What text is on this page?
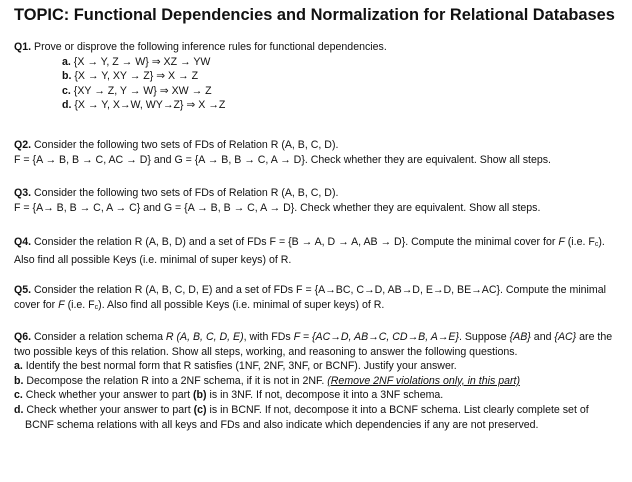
TOPIC: Functional Dependencies and Normalization for Relational Databases

Q1. Prove or disprove the following inference rules for functional dependencies.

a. {X → Y, Z → W} ⇒ XZ → YW
b. {X → Y, XY → Z} ⇒ X → Z
c. {XY → Z, Y → W} ⇒ XW → Z
d. {X → Y, X→W, WY→Z} ⇒ X →Z

Q2. Consider the following two sets of FDs of Relation R (A, B, C, D).

F = {A → B, B → C, AC → D} and G = {A → B, B → C, A → D}. Check whether they are equivalent. Show all steps.

Q3. Consider the following two sets of FDs of Relation R (A, B, C, D).

F = {A→ B, B → C, A → C} and G = {A → B, B → C, A → D}. Check whether they are equivalent. Show all steps.

Q4. Consider the relation R (A, B, D) and a set of FDs F = {B → A, D → A, AB → D}. Compute the minimal cover for F (i.e. Fc). Also find all possible Keys (i.e. minimal of super keys) of R.

Q5. Consider the relation R (A, B, C, D, E) and a set of FDs F = {A→BC, C→D, AB→D, E→D, BE→AC}. Compute the minimal cover for F (i.e. Fc). Also find all possible Keys (i.e. minimal of super keys) of R.

Q6. Consider a relation schema R (A, B, C, D, E), with FDs F = {AC→D, AB→C, CD→B, A→E}. Suppose {AB} and {AC} are the two possible keys of this relation. Show all steps, working, and reasoning to answer the following questions.

a. Identify the best normal form that R satisfies (1NF, 2NF, 3NF, or BCNF). Justify your answer.
b. Decompose the relation R into a 2NF schema, if it is not in 2NF. (Remove 2NF violations only, in this part)
c. Check whether your answer to part (b) is in 3NF. If not, decompose it into a 3NF schema.
d. Check whether your answer to part (c) is in BCNF. If not, decompose it into a BCNF schema. List clearly complete set of BCNF schema relations with all keys and FDs and also indicate which dependencies if any are not preserved.
